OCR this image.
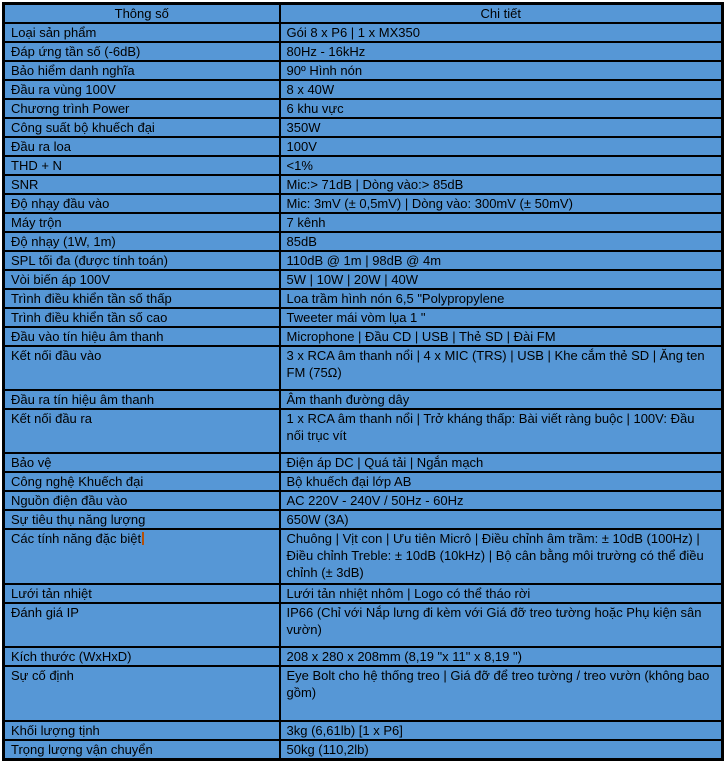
Thông số	Chi tiết
Loại sản phẩm	Gói 8 x P6 | 1 x MX350
Đáp ứng tần số (-6dB)	80Hz - 16kHz
Bảo hiểm danh nghĩa	90º Hình nón
Đầu ra vùng 100V	8 x 40W
Chương trình Power	6 khu vực
Công suất bộ khuếch đại	350W
Đầu ra loa	100V
THD + N	<1%
SNR	Mic:> 71dB | Dòng vào:> 85dB
Độ nhạy đầu vào	Mic: 3mV (± 0,5mV) | Dòng vào: 300mV (± 50mV)
Máy trộn	7 kênh
Độ nhạy (1W, 1m)	85dB
SPL tối đa (được tính toán)	110dB @ 1m | 98dB @ 4m
Vòi biến áp 100V	5W | 10W | 20W | 40W
Trình điều khiển tần số thấp	Loa trầm hình nón 6,5 "Polypropylene
Trình điều khiển tần số cao	Tweeter mái vòm lụa 1 "
Đầu vào tín hiệu âm thanh	Microphone | Đầu CD | USB | Thẻ SD | Đài FM
Kết nối đầu vào	3 x RCA âm thanh nổi | 4 x MIC (TRS) | USB | Khe cắm thẻ SD | Ăng ten FM (75Ω)
Đầu ra tín hiệu âm thanh	Âm thanh đường dây
Kết nối đầu ra	1 x RCA âm thanh nổi | Trở kháng thấp: Bài viết ràng buộc | 100V: Đầu nối trục vít
Bảo vệ	Điện áp DC | Quá tải | Ngắn mạch
Công nghệ Khuếch đại	Bộ khuếch đại lớp AB
Nguồn điện đầu vào	AC 220V - 240V / 50Hz - 60Hz
Sự tiêu thụ năng lượng	650W (3A)
Các tính năng đặc biệt	Chuông | Vịt con | Ưu tiên Micrô | Điều chỉnh âm trầm: ± 10dB (100Hz) | Điều chỉnh Treble: ± 10dB (10kHz) | Bộ cân bằng môi trường có thể điều chỉnh (± 3dB)
Lưới tản nhiệt	Lưới tản nhiệt nhôm | Logo có thể tháo rời
Đánh giá IP	IP66 (Chỉ với Nắp lưng đi kèm với Giá đỡ treo tường hoặc Phụ kiện sân vườn)
Kích thước (WxHxD)	208 x 280 x 208mm (8,19 "x 11" x 8,19 ")
Sự cố định	Eye Bolt cho hệ thống treo | Giá đỡ để treo tường / treo vườn (không bao gồm)
Khối lượng tịnh	3kg (6,61lb) [1 x P6]
Trọng lượng vận chuyển	50kg (110,2lb)
